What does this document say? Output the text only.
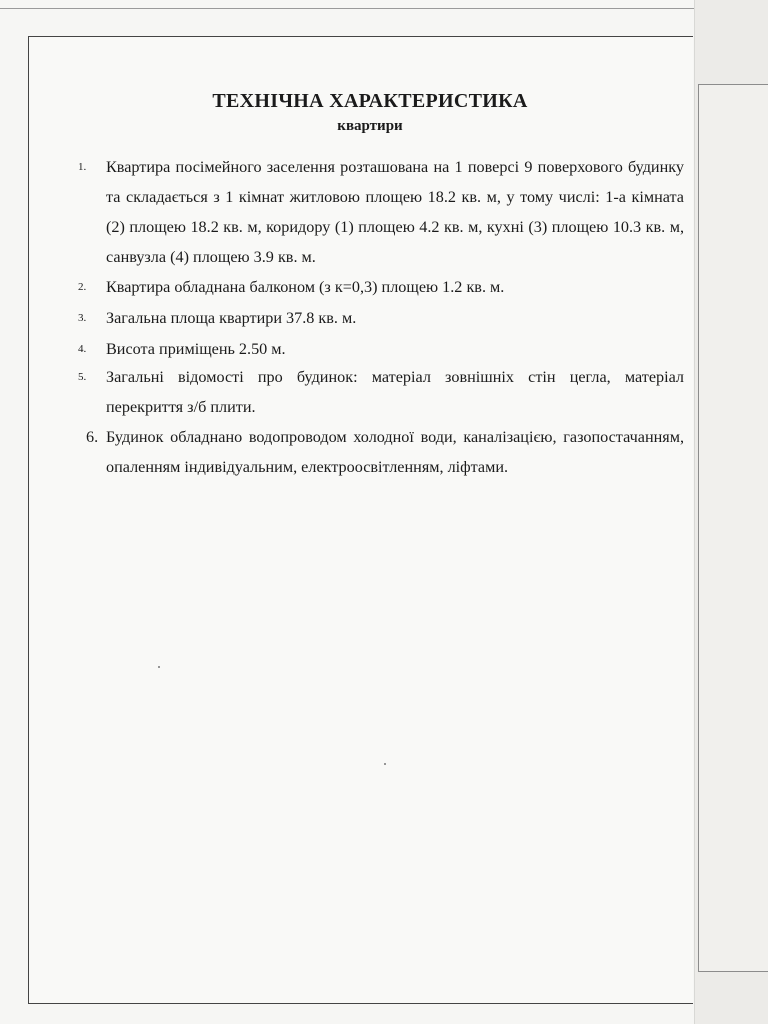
ТЕХНІЧНА ХАРАКТЕРИСТИКА
квартири
1. Квартира посімейного заселення розташована на 1 поверсі 9 поверхового будинку та складається з 1 кімнат житловою площею 18.2 кв. м, у тому числі: 1-а кімната (2) площею 18.2 кв. м, коридору (1) площею 4.2 кв. м, кухні (3) площею 10.3 кв. м, санвузла (4) площею 3.9 кв. м.
2. Квартира обладнана балконом (з к=0,3) площею 1.2 кв. м.
3. Загальна площа квартири 37.8 кв. м.
4. Висота приміщень 2.50 м.
5. Загальні відомості про будинок: матеріал зовнішніх стін цегла, матеріал перекриття з/б плити.
6. Будинок обладнано водопроводом холодної води, каналізацією, газопостачанням, опаленням індивідуальним, електроосвітленням, ліфтами.
